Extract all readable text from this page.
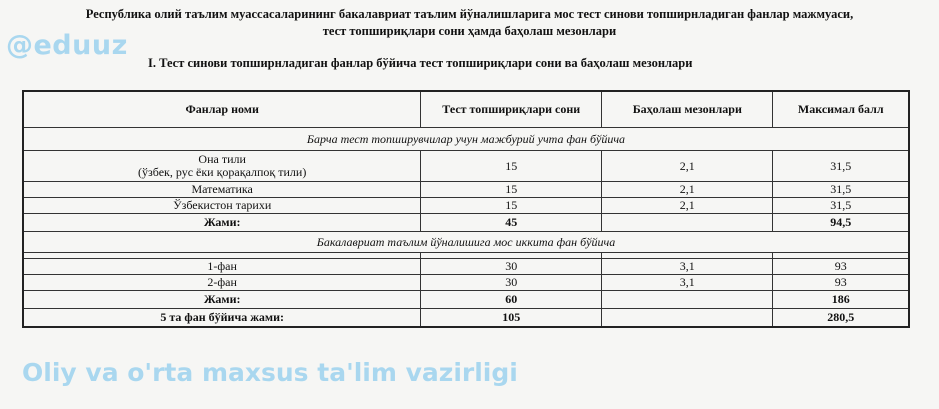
Республика олий таълим муассасаларининг бакалавриат таълим йўналишларига мос тест синови топширнладиган фанлар мажмуаси,
тест топшириқлари сони ҳамда баҳолаш мезонлари
@eduuz
I. Тест синови топширнладиган фанлар бўйича тест топшириқлари сони ва баҳолаш мезонлари
Фанлар номи	Тест топшириқлари сони	Баҳолаш мезонлари	Максимал балл
Барча тест топширувчилар учун мажбурий учта фан бўйича			
Она тили
(ўзбек, рус ёки қорақалпоқ тили)	15	2,1	31,5
Математика	15	2,1	31,5
Ўзбекистон тарихи	15	2,1	31,5
Жами:	45		94,5
Бакалавриат таълим йўналишига мос иккита фан бўйича			

1-фан	30	3,1	93
2-фан	30	3,1	93
Жами:	60		186
5 та фан бўйича жами:	105		280,5
Oliy va o'rta maxsus ta'lim vazirligi
